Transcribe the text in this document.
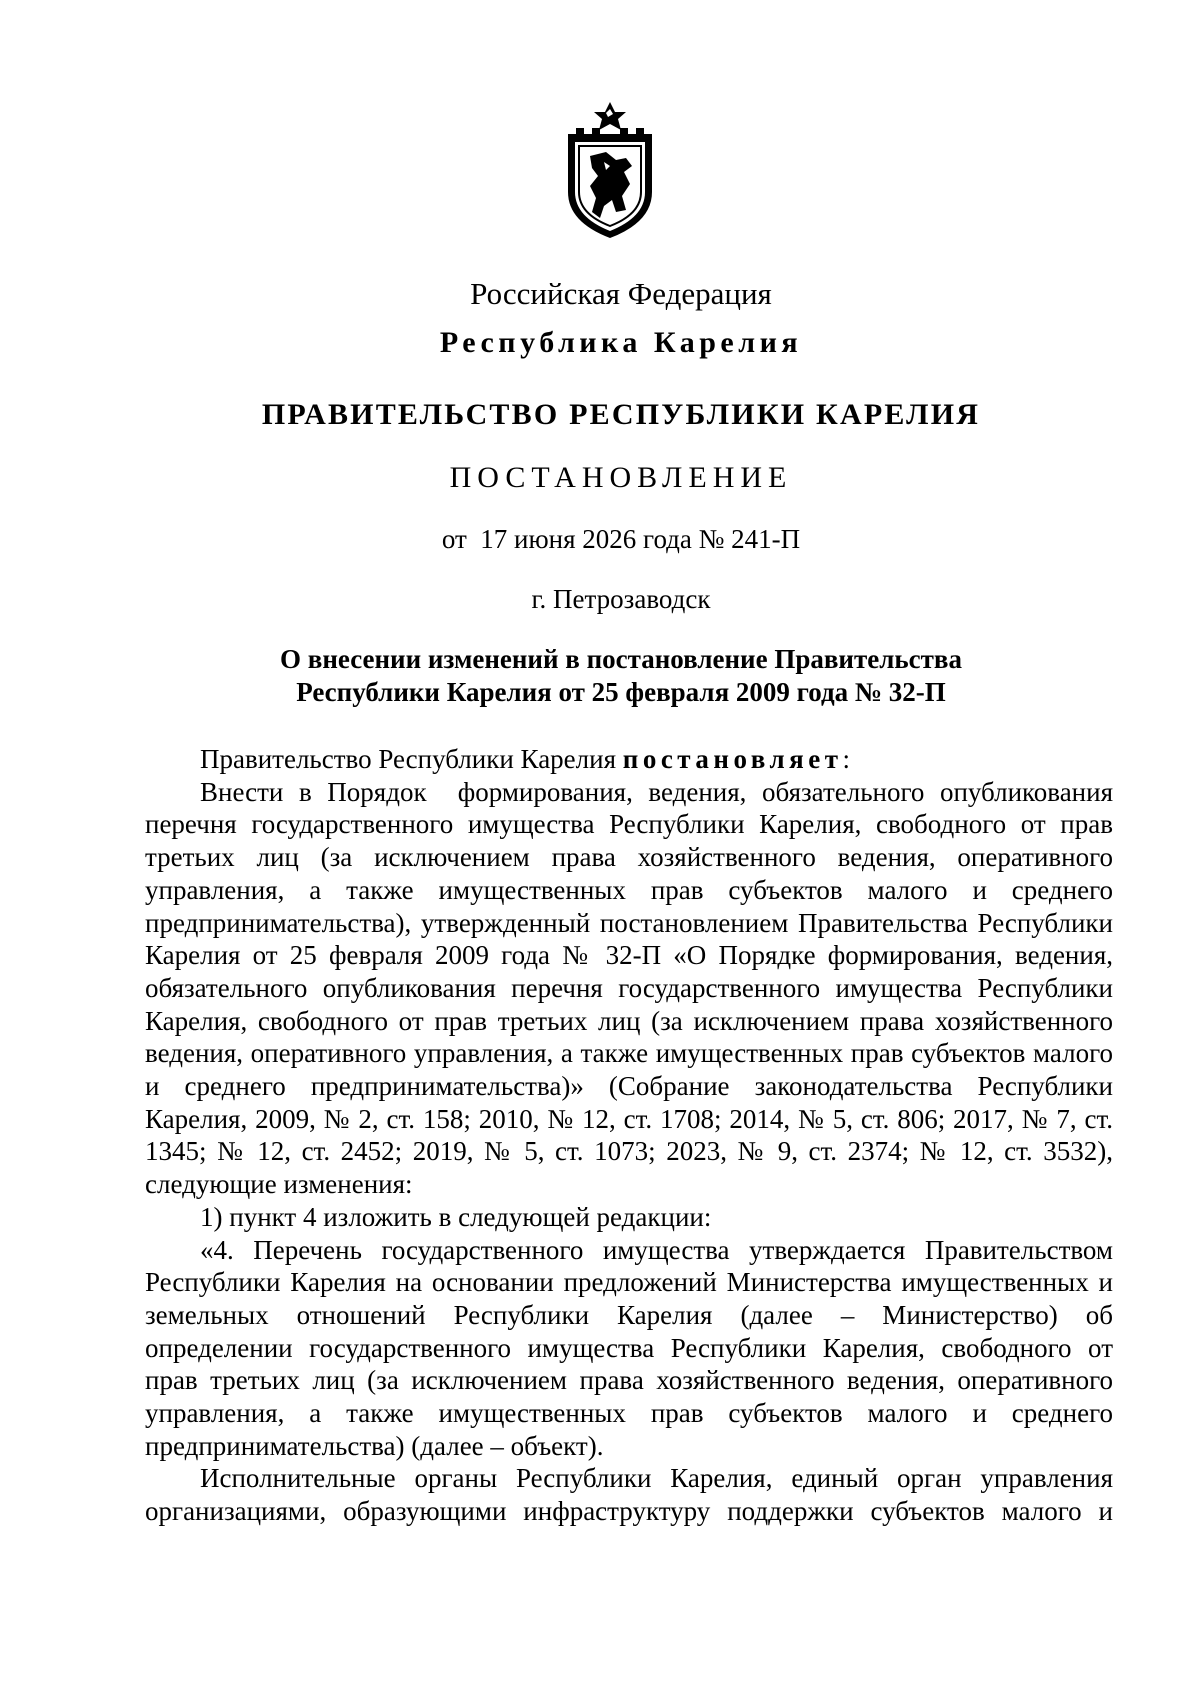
Российская Федерация
Республика Карелия
ПРАВИТЕЛЬСТВО РЕСПУБЛИКИ КАРЕЛИЯ
ПОСТАНОВЛЕНИЕ
от  17 июня 2026 года № 241-П
г. Петрозаводск
О внесении изменений в постановление Правительства
Республики Карелия от 25 февраля 2009 года № 32-П

Правительство Республики Карелия постановляет:

Внести в Порядок  формирования, ведения, обязательного опубликования перечня государственного имущества Республики Карелия, свободного от прав третьих лиц (за исключением права хозяйственного ведения, оперативного управления, а также имущественных прав субъектов малого и среднего предпринимательства), утвержденный постановлением Правительства Республики Карелия от 25 февраля 2009 года № 32-П «О Порядке формирования, ведения, обязательного опубликования перечня государственного имущества Республики Карелия, свободного от прав третьих лиц (за исключением права хозяйственного ведения, оперативного управления, а также имущественных прав субъектов малого и среднего предпринимательства)» (Собрание законодательства Республики Карелия, 2009, № 2, ст. 158; 2010, № 12, ст. 1708; 2014, № 5, ст. 806; 2017, № 7, ст. 1345; № 12, ст. 2452; 2019, № 5, ст. 1073; 2023, № 9, ст. 2374; № 12, ст. 3532), следующие изменения:

1) пункт 4 изложить в следующей редакции:

«4. Перечень государственного имущества утверждается Правительством Республики Карелия на основании предложений Министерства имущественных и земельных отношений Республики Карелия (далее – Министерство) об определении государственного имущества Республики Карелия, свободного от прав третьих лиц (за исключением права хозяйственного ведения, оперативного управления, а также имущественных прав субъектов малого и среднего предпринимательства) (далее – объект).

Исполнительные органы Республики Карелия, единый орган управления организациями, образующими инфраструктуру поддержки субъектов малого и
